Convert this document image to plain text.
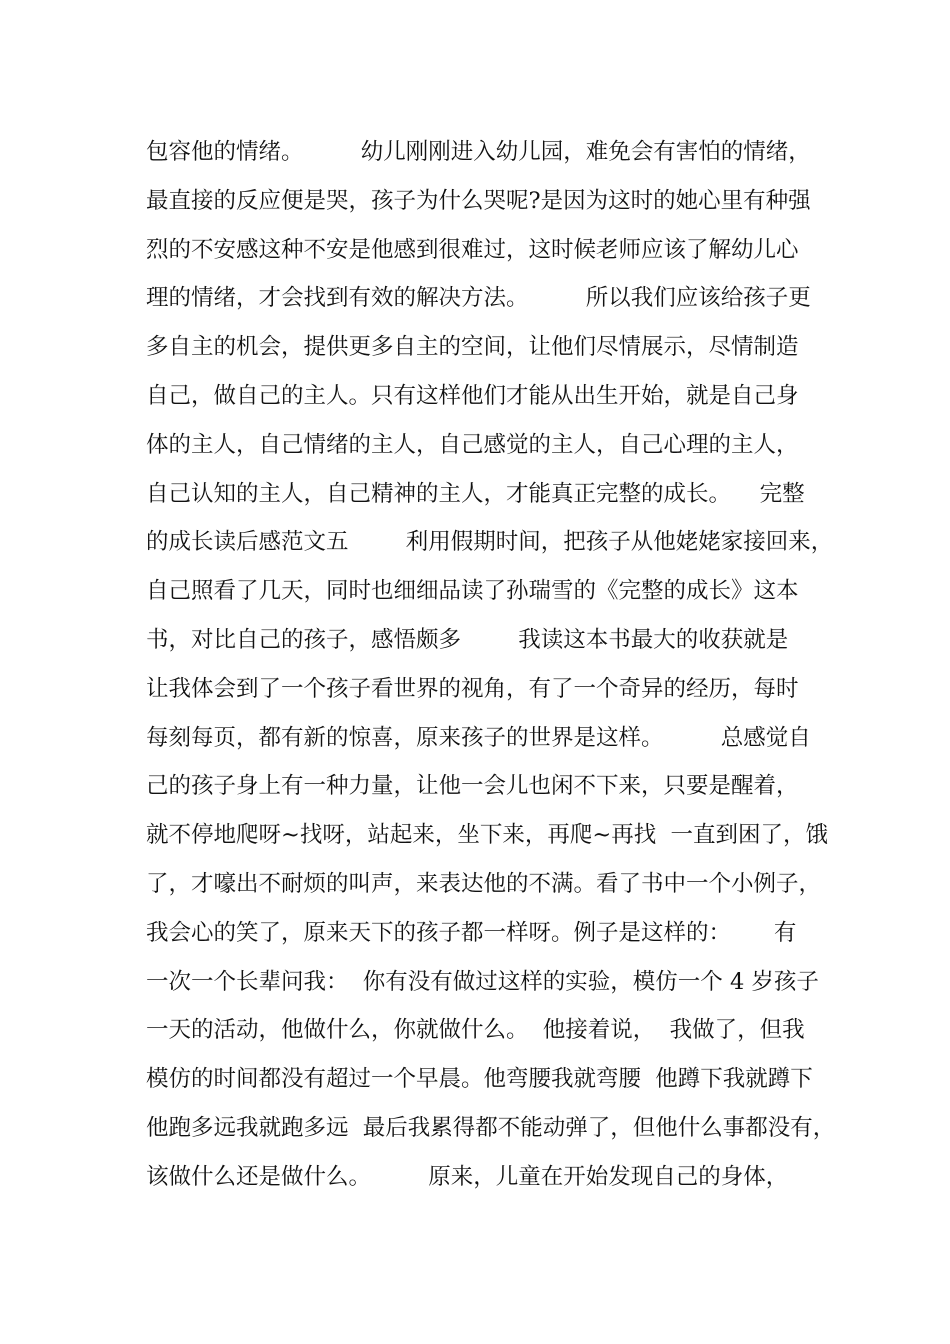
包容他的情绪。        幼儿刚刚进入幼儿园，难免会有害怕的情绪，
最直接的反应便是哭，孩子为什么哭呢?是因为这时的她心里有种强
烈的不安感这种不安是他感到很难过，这时候老师应该了解幼儿心
理的情绪，才会找到有效的解决方法。        所以我们应该给孩子更
多自主的机会，提供更多自主的空间，让他们尽情展示，尽情制造
自己，做自己的主人。只有这样他们才能从出生开始，就是自己身
体的主人，自己情绪的主人，自己感觉的主人，自己心理的主人，
自己认知的主人，自己精神的主人，才能真正完整的成长。    完整
的成长读后感范文五        利用假期时间，把孩子从他姥姥家接回来，
自己照看了几天，同时也细细品读了孙瑞雪的《完整的成长》这本
书，对比自己的孩子，感悟颇多        我读这本书最大的收获就是
让我体会到了一个孩子看世界的视角，有了一个奇异的经历，每时
每刻每页，都有新的惊喜，原来孩子的世界是这样。        总感觉自
己的孩子身上有一种力量，让他一会儿也闲不下来，只要是醒着，
就不停地爬呀~找呀，站起来，坐下来，再爬~再找  一直到困了，饿
了，才嚎出不耐烦的叫声，来表达他的不满。看了书中一个小例子，
我会心的笑了，原来天下的孩子都一样呀。例子是这样的：      有
一次一个长辈问我：  你有没有做过这样的实验，模仿一个 4 岁孩子
一天的活动，他做什么，你就做什么。  他接着说，  我做了，但我
模仿的时间都没有超过一个早晨。他弯腰我就弯腰  他蹲下我就蹲下
他跑多远我就跑多远  最后我累得都不能动弹了，但他什么事都没有，
该做什么还是做什么。        原来，儿童在开始发现自己的身体，
